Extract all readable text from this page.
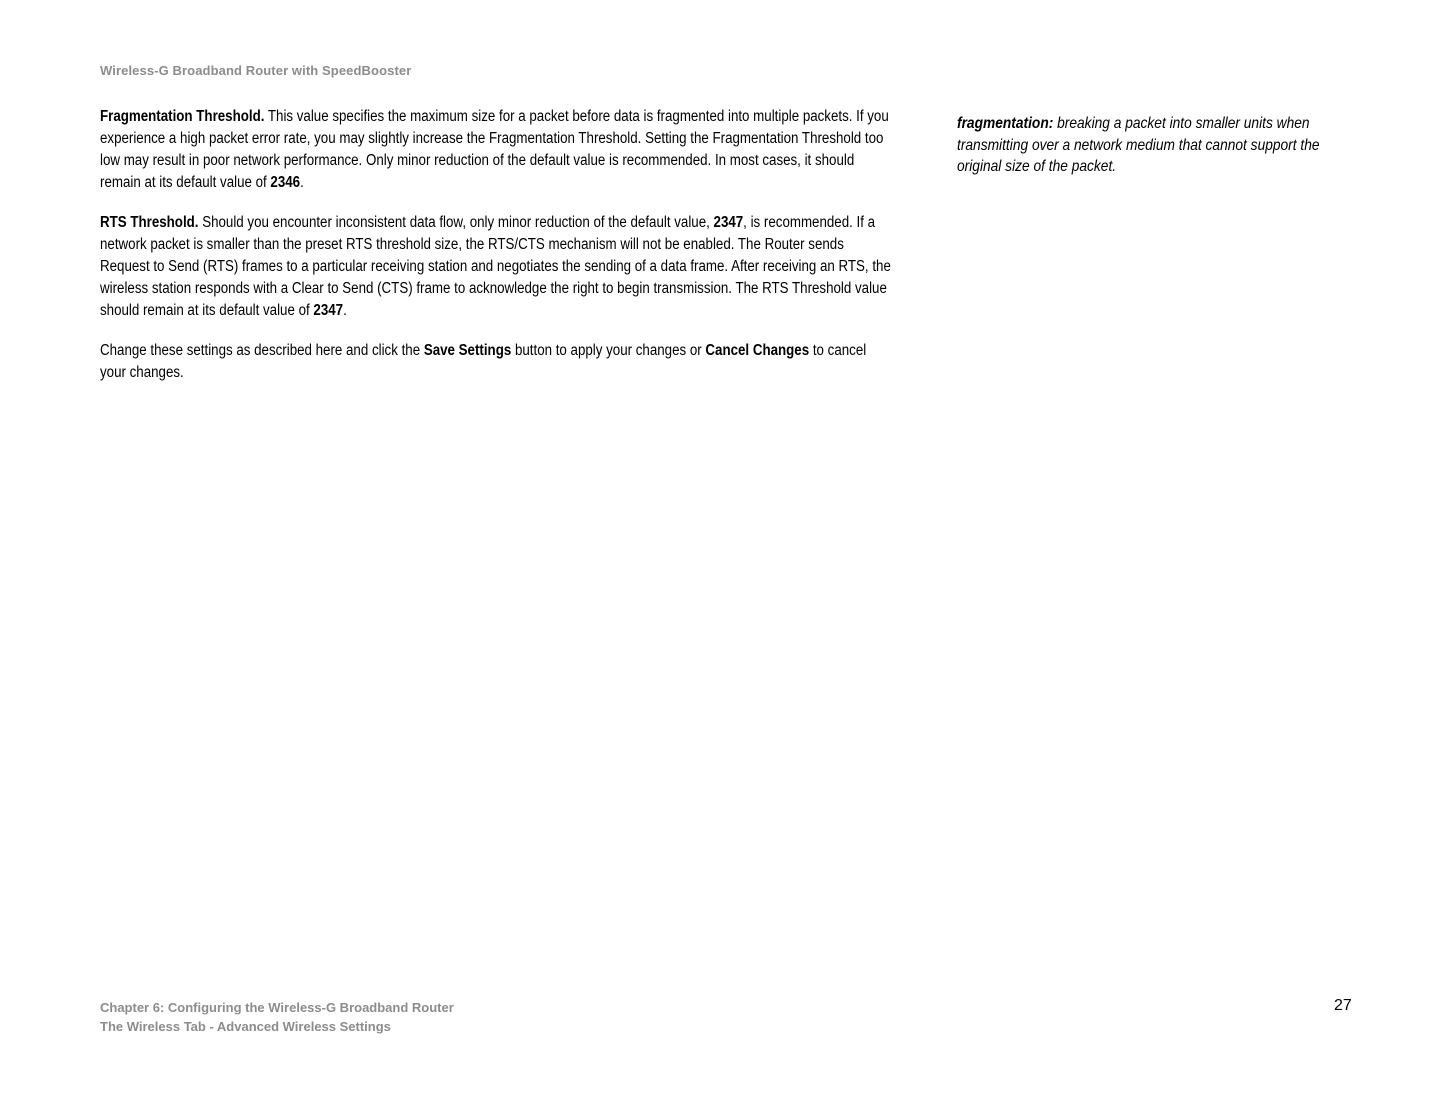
Wireless-G Broadband Router with SpeedBooster

Fragmentation Threshold. This value specifies the maximum size for a packet before data is fragmented into multiple packets. If you experience a high packet error rate, you may slightly increase the Fragmentation Threshold. Setting the Fragmentation Threshold too low may result in poor network performance. Only minor reduction of the default value is recommended. In most cases, it should remain at its default value of 2346.

RTS Threshold. Should you encounter inconsistent data flow, only minor reduction of the default value, 2347, is recommended. If a network packet is smaller than the preset RTS threshold size, the RTS/CTS mechanism will not be enabled. The Router sends Request to Send (RTS) frames to a particular receiving station and negotiates the sending of a data frame. After receiving an RTS, the wireless station responds with a Clear to Send (CTS) frame to acknowledge the right to begin transmission. The RTS Threshold value should remain at its default value of 2347.

Change these settings as described here and click the Save Settings button to apply your changes or Cancel Changes to cancel your changes.

fragmentation: breaking a packet into smaller units when transmitting over a network medium that cannot support the original size of the packet.
Chapter 6: Configuring the Wireless-G Broadband Router
The Wireless Tab - Advanced Wireless Settings
27
